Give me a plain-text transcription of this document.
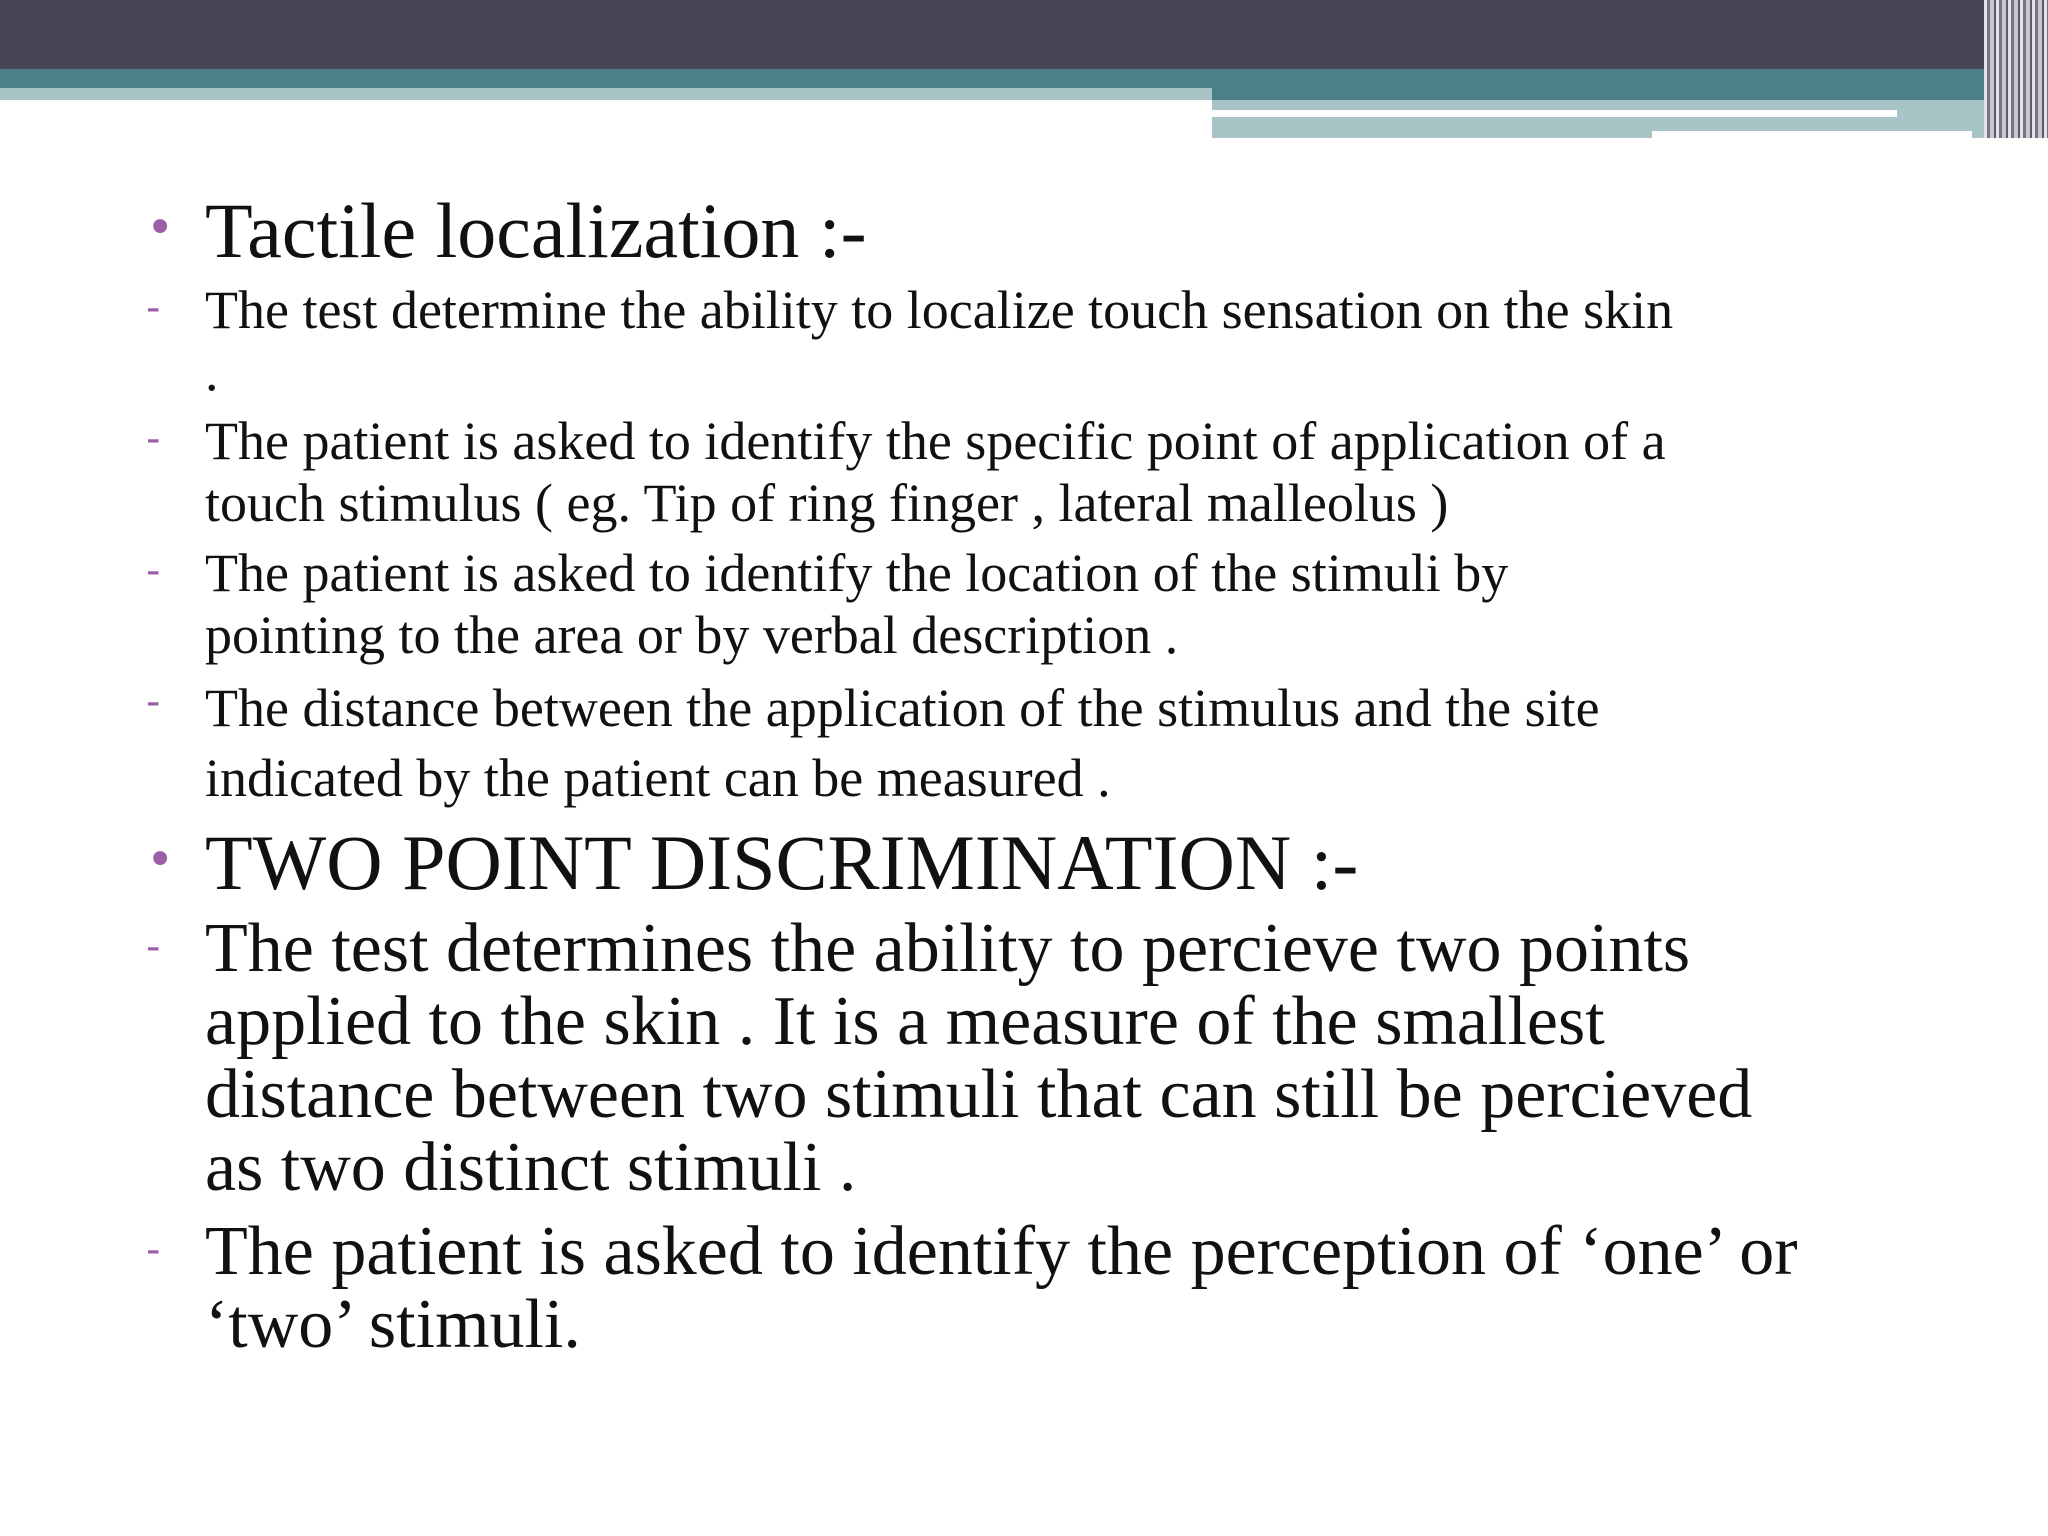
• Tactile localization :-
- The test determine the ability to localize touch sensation on the skin
.
- The patient is asked to identify the specific point of application of a
touch stimulus ( eg. Tip of ring finger , lateral malleolus )
- The patient is asked to identify the location of the stimuli by
pointing to the area or by verbal description .
- The distance between the application of the stimulus and the site
indicated by the patient can be measured .
• TWO POINT DISCRIMINATION :-
- The test determines the ability to percieve two points
applied to the skin . It is a measure of the smallest
distance between two stimuli that can still be percieved
as two distinct stimuli .
- The patient is asked to identify the perception of ‘one’ or
‘two’ stimuli.
